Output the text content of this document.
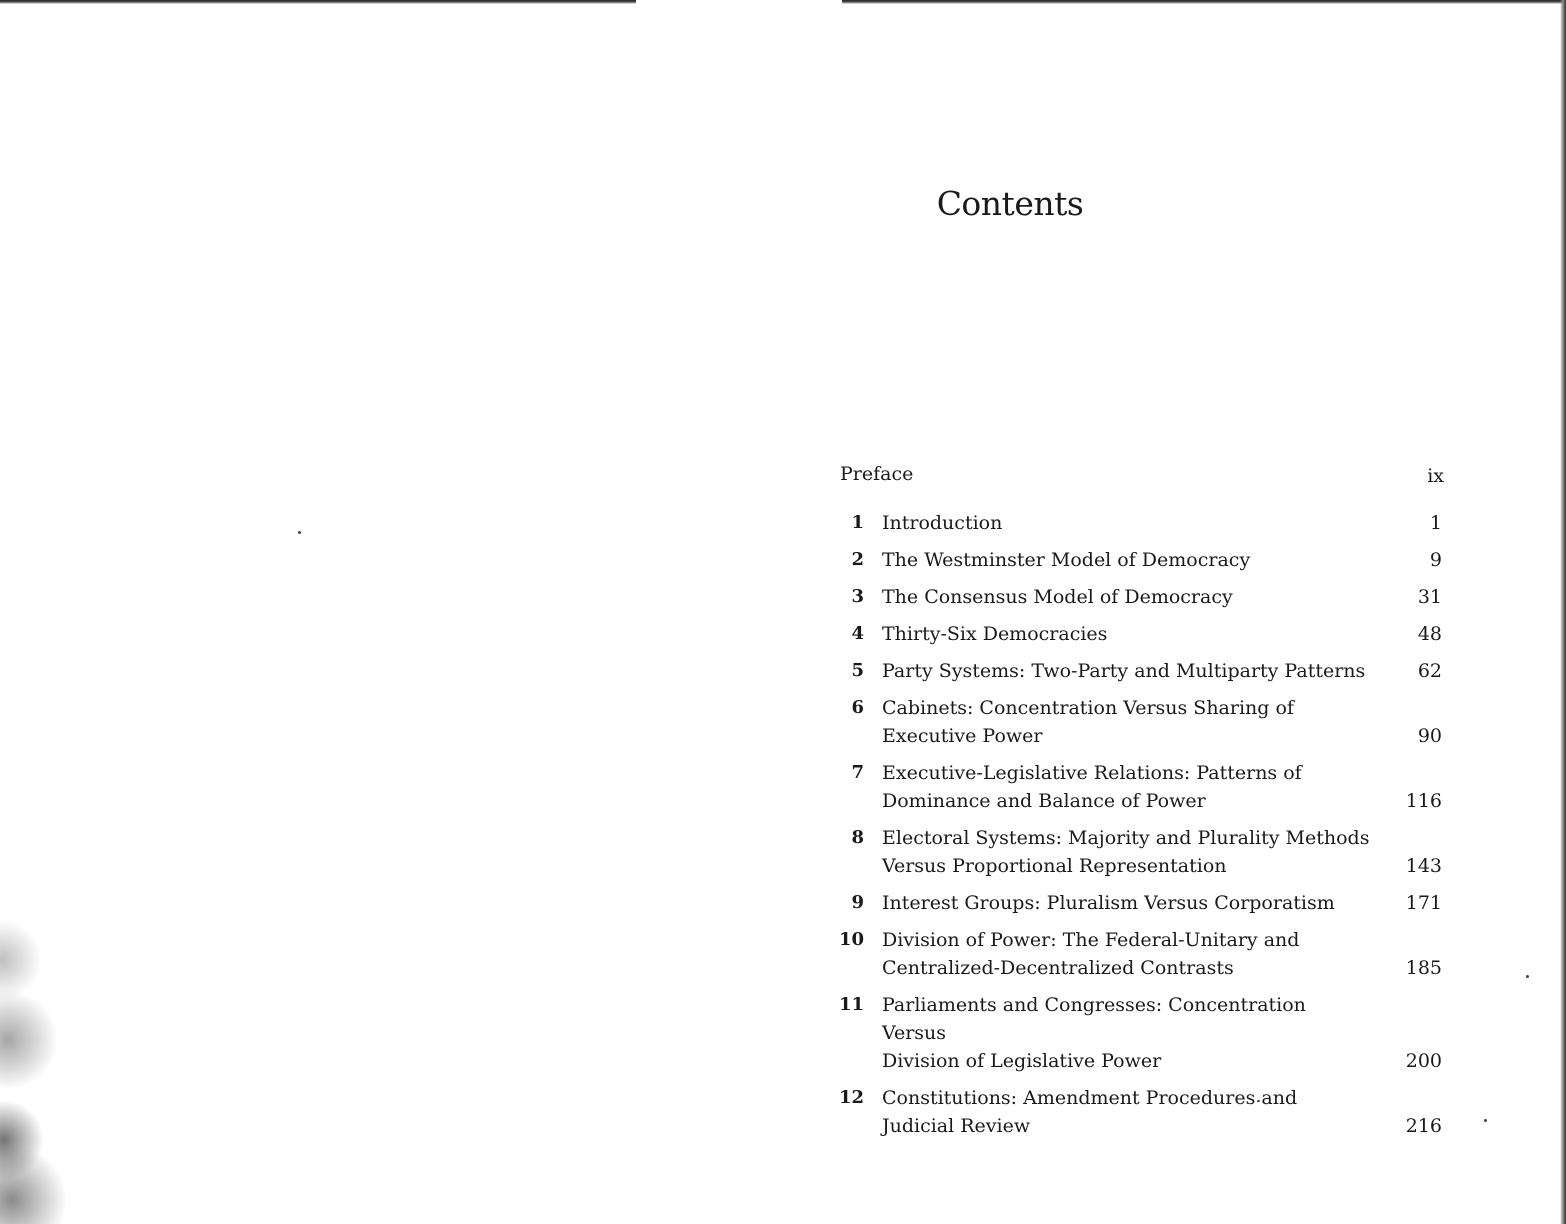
Contents
Preface	ix
1 Introduction	1
2 The Westminster Model of Democracy	9
3 The Consensus Model of Democracy	31
4 Thirty-Six Democracies	48
5 Party Systems: Two-Party and Multiparty Patterns	62
6 Cabinets: Concentration Versus Sharing of
Executive Power	90
7 Executive-Legislative Relations: Patterns of
Dominance and Balance of Power	116
8 Electoral Systems: Majority and Plurality Methods
Versus Proportional Representation	143
9 Interest Groups: Pluralism Versus Corporatism	171
10 Division of Power: The Federal-Unitary and
Centralized-Decentralized Contrasts	185
11 Parliaments and Congresses: Concentration Versus
Division of Legislative Power	200
12 Constitutions: Amendment Procedures and
Judicial Review	216
